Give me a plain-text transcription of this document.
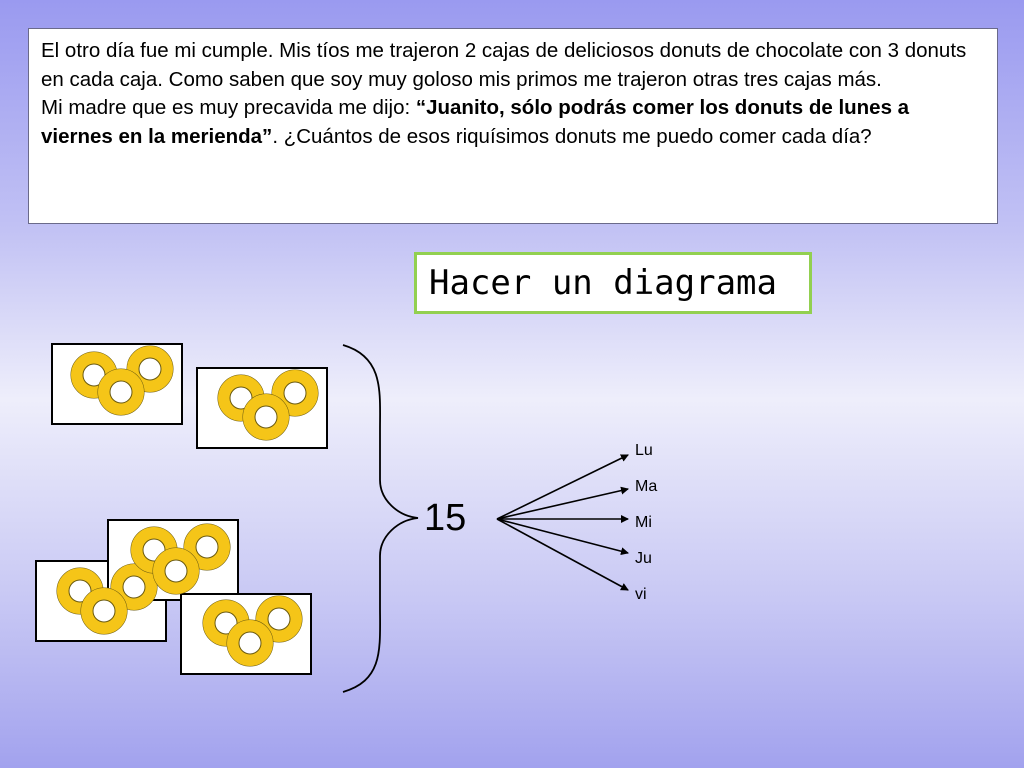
El otro día fue mi cumple. Mis tíos me trajeron 2 cajas de deliciosos donuts de chocolate con 3 donuts en cada caja. Como saben que soy muy goloso mis primos me trajeron otras tres cajas más.

Mi madre que es muy precavida me dijo: “Juanito, sólo podrás comer los donuts de lunes a viernes en la merienda”. ¿Cuántos de esos riquísimos donuts me puedo comer cada día?

Hacer un diagrama
15
Lu
Ma
Mi
Ju
vi
